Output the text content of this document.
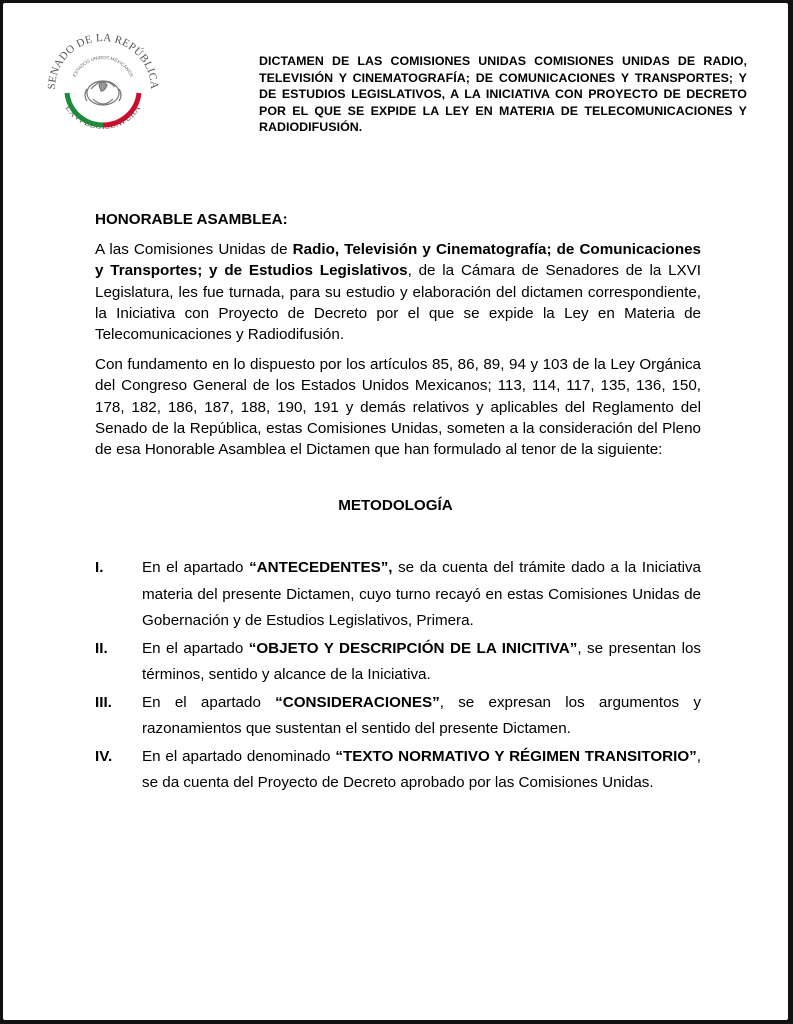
SENADO DE LA REPÚBLICA
LXVI LEGISLATURA
ESTADOS UNIDOS MEXICANOS
DICTAMEN DE LAS COMISIONES UNIDAS COMISIONES UNIDAS DE RADIO, TELEVISIÓN Y CINEMATOGRAFÍA; DE COMUNICACIONES Y TRANSPORTES; Y DE ESTUDIOS LEGISLATIVOS, A LA INICIATIVA CON PROYECTO DE DECRETO POR EL QUE SE EXPIDE LA LEY EN MATERIA DE TELECOMUNICACIONES Y RADIODIFUSIÓN.
HONORABLE ASAMBLEA:
A las Comisiones Unidas de Radio, Televisión y Cinematografía; de Comunicaciones y Transportes; y de Estudios Legislativos, de la Cámara de Senadores de la LXVI Legislatura, les fue turnada, para su estudio y elaboración del dictamen correspondiente, la Iniciativa con Proyecto de Decreto por el que se expide la Ley en Materia de Telecomunicaciones y Radiodifusión.
Con fundamento en lo dispuesto por los artículos 85, 86, 89, 94 y 103 de la Ley Orgánica del Congreso General de los Estados Unidos Mexicanos; 113, 114, 117, 135, 136, 150, 178, 182, 186, 187, 188, 190, 191 y demás relativos y aplicables del Reglamento del Senado de la República, estas Comisiones Unidas, someten a la consideración del Pleno de esa Honorable Asamblea el Dictamen que han formulado al tenor de la siguiente:
METODOLOGÍA
I.	En el apartado “ANTECEDENTES”, se da cuenta del trámite dado a la Iniciativa materia del presente Dictamen, cuyo turno recayó en estas Comisiones Unidas de Gobernación y de Estudios Legislativos, Primera.
II.	En el apartado “OBJETO Y DESCRIPCIÓN DE LA INICITIVA”, se presentan los términos, sentido y alcance de la Iniciativa.
III.	En el apartado “CONSIDERACIONES”, se expresan los argumentos y razonamientos que sustentan el sentido del presente Dictamen.
IV.	En el apartado denominado “TEXTO NORMATIVO Y RÉGIMEN TRANSITORIO”, se da cuenta del Proyecto de Decreto aprobado por las Comisiones Unidas.
